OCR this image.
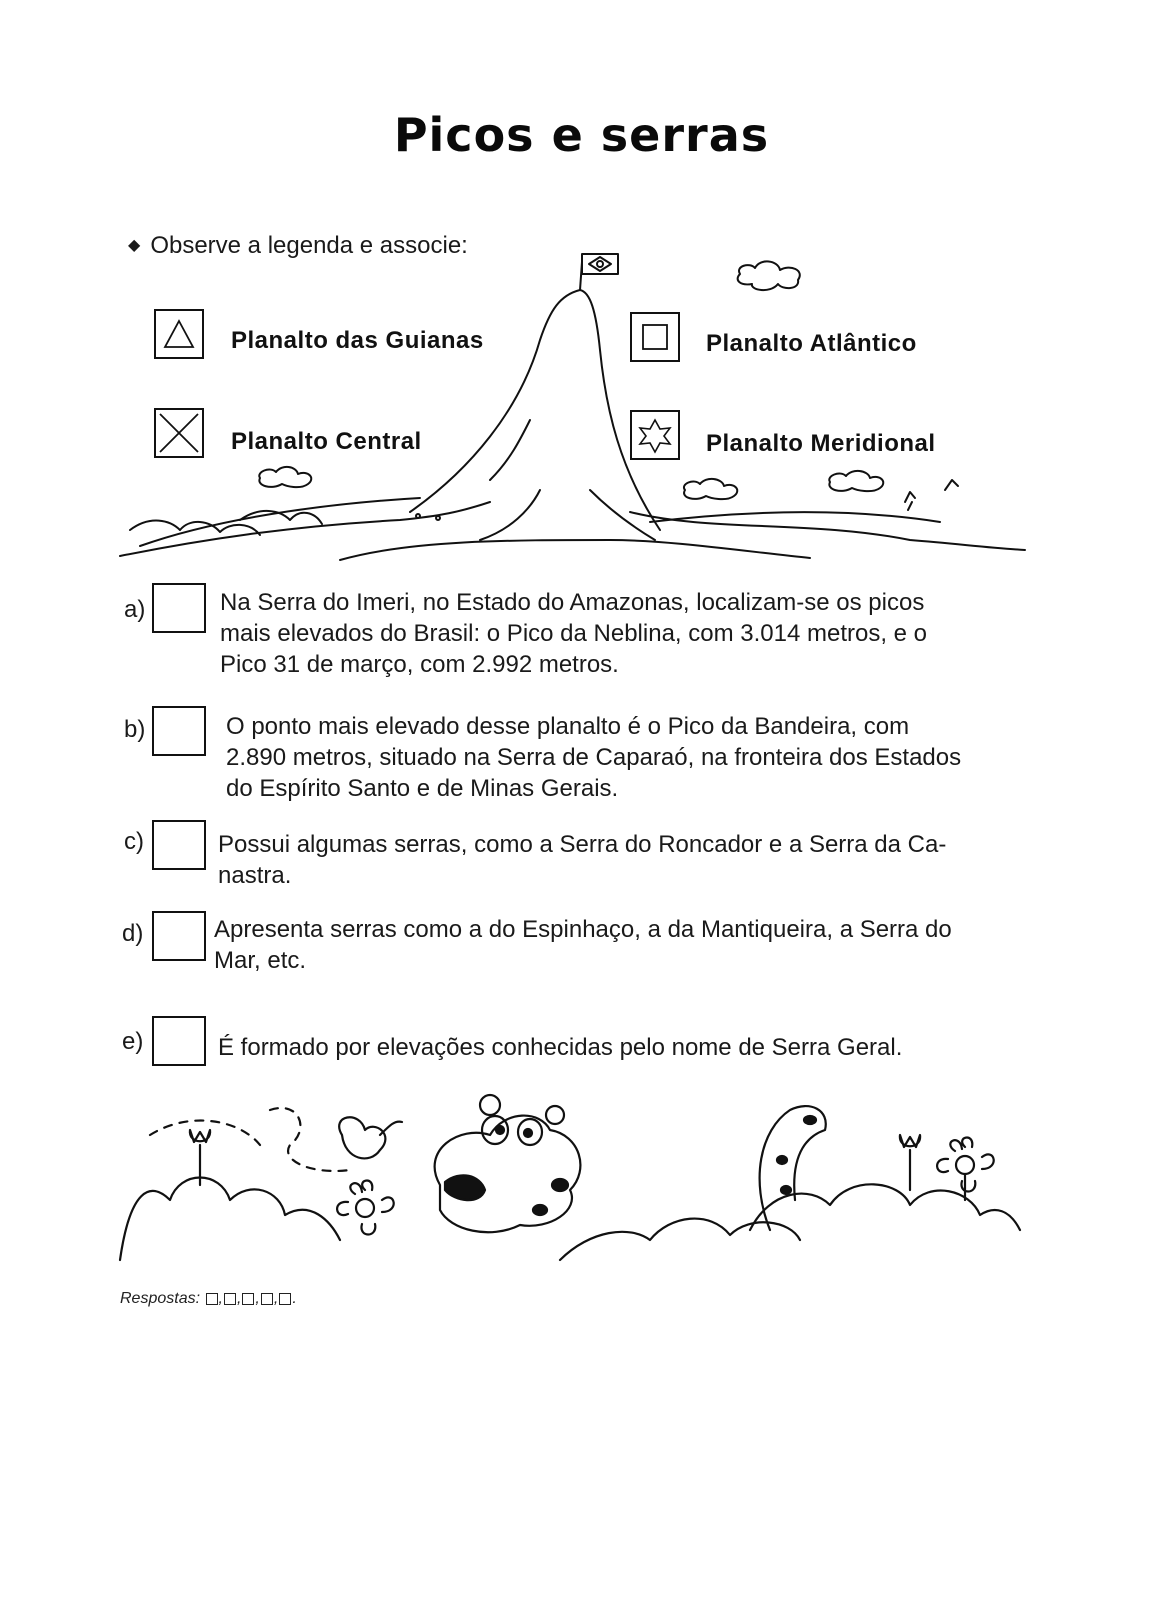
Picos e serras
◆ Observe a legenda e associe:
Planalto das Guianas
Planalto Central
Planalto Atlântico
Planalto Meridional
a)	Na Serra do Imeri, no Estado do Amazonas, localizam-se os picos
mais elevados do Brasil: o Pico da Neblina, com 3.014 metros, e o
Pico 31 de março, com 2.992 metros.
b)	O ponto mais elevado desse planalto é o Pico da Bandeira, com
2.890 metros, situado na Serra de Caparaó, na fronteira dos Estados
do Espírito Santo e de Minas Gerais.
c)	Possui algumas serras, como a Serra do Roncador e a Serra da Ca-
nastra.
d)	Apresenta serras como a do Espinhaço, a da Mantiqueira, a Serra do
Mar, etc.
e)	É formado por elevações conhecidas pelo nome de Serra Geral.
Respostas: , , , , .
